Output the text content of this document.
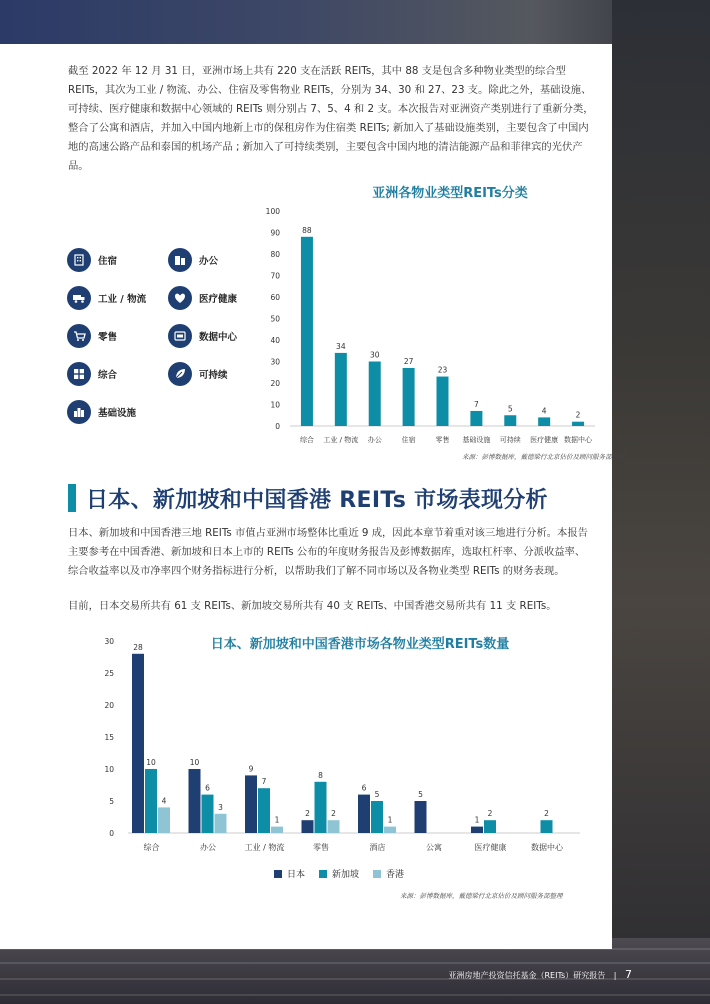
截至 2022 年 12 月 31 日，亚洲市场上共有 220 支在活跃 REITs，其中 88 支是包含多种物业类型的综合型 REITs，其次为工业 / 物流、办公、住宿及零售物业 REITs，分别为 34、30 和 27、23 支。除此之外，基础设施、可持续、医疗健康和数据中心领域的 REITs 则分别占 7、5、4 和 2 支。本次报告对亚洲资产类别进行了重新分类，整合了公寓和酒店，并加入中国内地新上市的保租房作为住宿类 REITs; 新加入了基础设施类别，主要包含了中国内地的高速公路产品和泰国的机场产品 ; 新加入了可持续类别，主要包含中国内地的清洁能源产品和菲律宾的光伏产品。

住宿	办公
工业 / 物流	医疗健康
零售	数据中心
综合	可持续
基础设施
亚洲各物业类型REITs分类
0
10
20
30
40
50
60
70
80
90
100
88
综合
34
工业 / 物流
30
办公
27
住宿
23
零售
7
基础设施
5
可持续
4
医疗健康
2
数据中心
来源：彭博数据库，戴德梁行北京估价及顾问服务部整理
日本、新加坡和中国香港 REITs 市场表现分析

日本、新加坡和中国香港三地 REITs 市值占亚洲市场整体比重近 9 成，因此本章节着重对该三地进行分析。本报告主要参考在中国香港、新加坡和日本上市的 REITs 公布的年度财务报告及彭博数据库，选取杠杆率、分派收益率、综合收益率以及市净率四个财务指标进行分析，以帮助我们了解不同市场以及各物业类型 REITs 的财务表现。

目前，日本交易所共有 61 支 REITs、新加坡交易所共有 40 支 REITs、中国香港交易所共有 11 支 REITs。

日本、新加坡和中国香港市场各物业类型REITs数量
0
5
10
15
20
25
30
28
10
4
综合
10
6
3
办公
9
7
1
工业 / 物流
2
8
2
零售
6
5
1
酒店
5
公寓
1
2
医疗健康
2
数据中心
日本	新加坡	香港
来源：彭博数据库，戴德梁行北京估价及顾问服务部整理
亚洲房地产投资信托基金（REITs）研究报告 | 7
